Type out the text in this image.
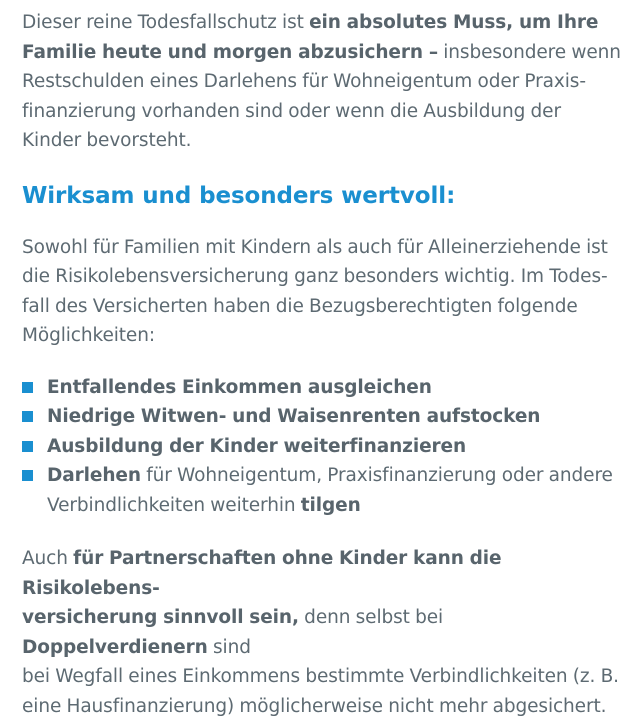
Dieser reine Todesfallschutz ist ein absolutes Muss, um Ihre
Familie heute und morgen abzusichern – insbesondere wenn
Restschulden eines Darlehens für Wohneigentum oder Praxis-
finanzierung vorhanden sind oder wenn die Ausbildung der
Kinder bevorsteht.

Wirksam und besonders wertvoll:

Sowohl für Familien mit Kindern als auch für Alleinerziehende ist
die Risikolebensversicherung ganz besonders wichtig. Im Todes-
fall des Versicherten haben die Bezugsberechtigten folgende
Möglichkeiten:

Entfallendes Einkommen ausgleichen
Niedrige Witwen- und Waisenrenten aufstocken
Ausbildung der Kinder weiterfinanzieren
Darlehen für Wohneigentum, Praxisfinanzierung oder andere
Verbindlichkeiten weiterhin tilgen

Auch für Partnerschaften ohne Kinder kann die Risikolebens-
versicherung sinnvoll sein, denn selbst bei Doppelverdienern sind
bei Wegfall eines Einkommens bestimmte Verbindlichkeiten (z. B.
eine Hausfinanzierung) möglicherweise nicht mehr abgesichert.
